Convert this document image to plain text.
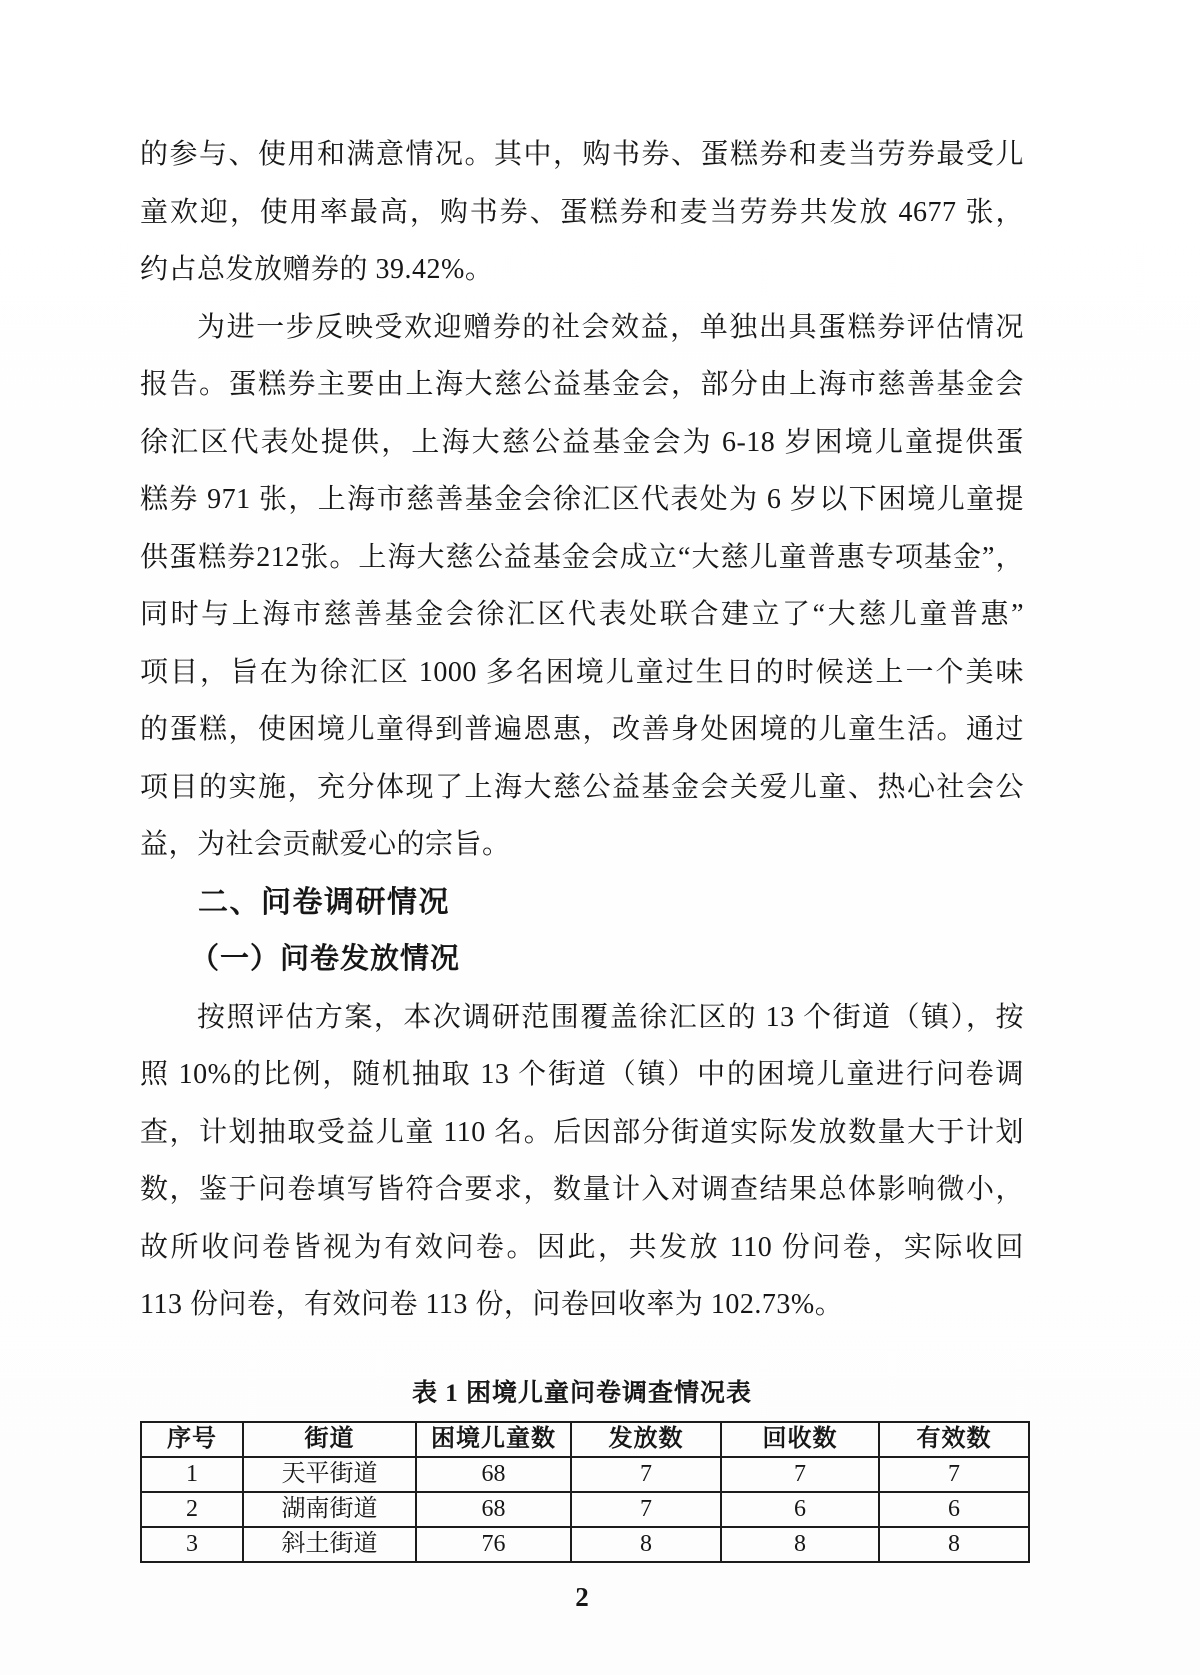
的参与、使用和满意情况。其中，购书券、蛋糕券和麦当劳券最受儿
童欢迎，使用率最高，购书券、蛋糕券和麦当劳券共发放 4677 张，
约占总发放赠券的 39.42%。
为进一步反映受欢迎赠券的社会效益，单独出具蛋糕券评估情况
报告。蛋糕券主要由上海大慈公益基金会，部分由上海市慈善基金会
徐汇区代表处提供，上海大慈公益基金会为 6-18 岁困境儿童提供蛋
糕券 971 张，上海市慈善基金会徐汇区代表处为 6 岁以下困境儿童提
供蛋糕券212张。上海大慈公益基金会成立“大慈儿童普惠专项基金”，
同时与上海市慈善基金会徐汇区代表处联合建立了“大慈儿童普惠”
项目，旨在为徐汇区 1000 多名困境儿童过生日的时候送上一个美味
的蛋糕，使困境儿童得到普遍恩惠，改善身处困境的儿童生活。通过
项目的实施，充分体现了上海大慈公益基金会关爱儿童、热心社会公
益，为社会贡献爱心的宗旨。
二、问卷调研情况
（一）问卷发放情况
按照评估方案，本次调研范围覆盖徐汇区的 13 个街道（镇），按
照 10%的比例，随机抽取 13 个街道（镇）中的困境儿童进行问卷调
查，计划抽取受益儿童 110 名。后因部分街道实际发放数量大于计划
数，鉴于问卷填写皆符合要求，数量计入对调查结果总体影响微小，
故所收问卷皆视为有效问卷。因此，共发放 110 份问卷，实际收回
113 份问卷，有效问卷 113 份，问卷回收率为 102.73%。
表 1 困境儿童问卷调查情况表
序号	街道	困境儿童数	发放数	回收数	有效数
1	天平街道	68	7	7	7
2	湖南街道	68	7	6	6
3	斜土街道	76	8	8	8
2
